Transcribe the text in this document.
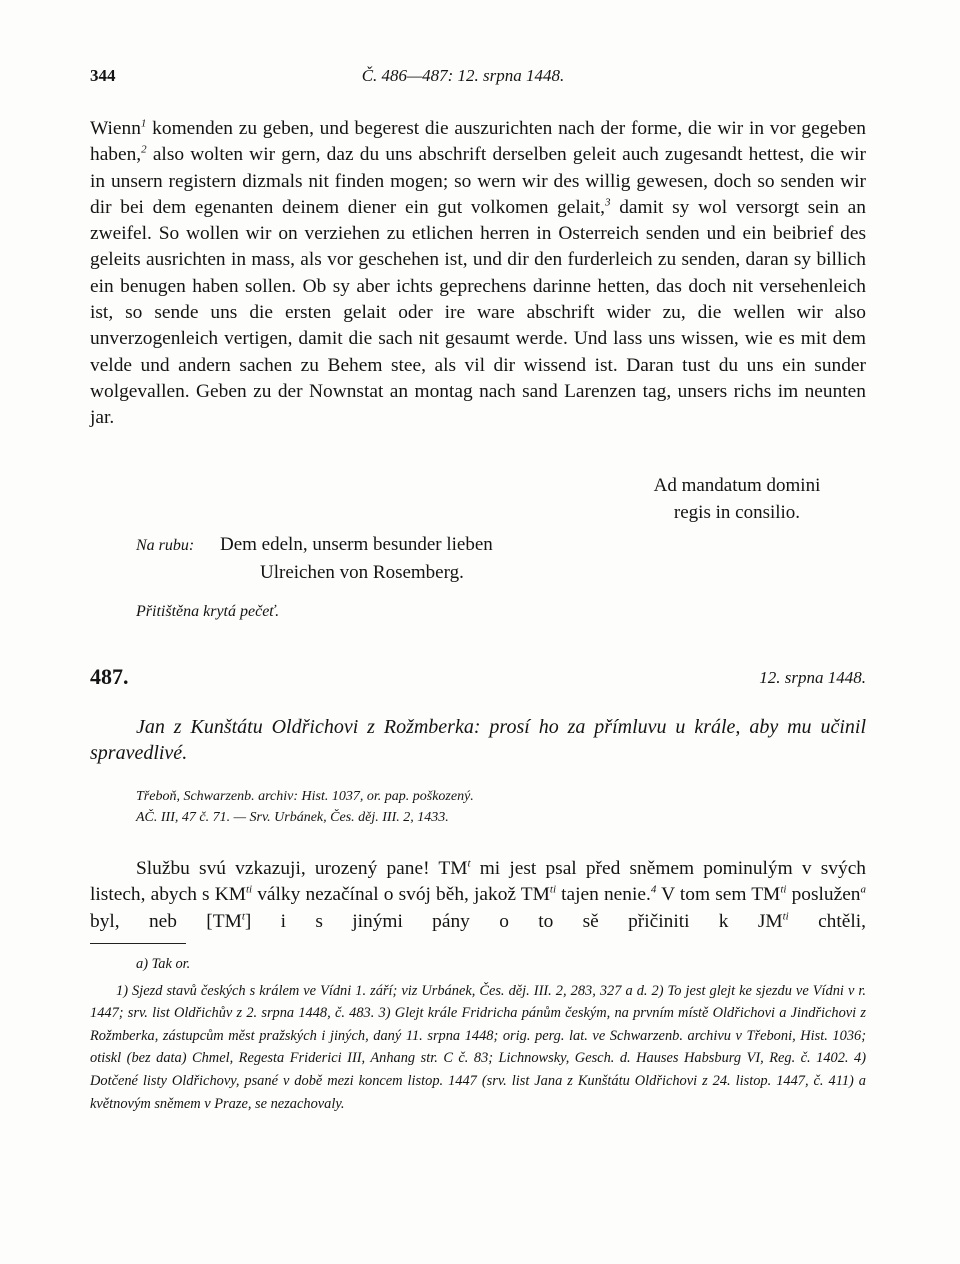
344	Č. 486—487: 12. srpna 1448.

Wienn$^1$ komenden zu geben, und begerest die auszurichten nach der forme, die wir in vor gegeben haben,$^2$ also wolten wir gern, daz du uns abschrift derselben geleit auch zugesandt hettest, die wir in unsern registern dizmals nit finden mogen; so wern wir des willig gewesen, doch so senden wir dir bei dem egenanten deinem diener ein gut volkomen gelait,$^3$ damit sy wol versorgt sein an zweifel. So wollen wir on verziehen zu etlichen herren in Osterreich senden und ein beibrief des geleits ausrichten in mass, als vor geschehen ist, und dir den furderleich zu senden, daran sy billich ein benugen haben sollen. Ob sy aber ichts geprechens darinne hetten, das doch nit versehenleich ist, so sende uns die ersten gelait oder ire ware abschrift wider zu, die wellen wir also unverzogenleich vertigen, damit die sach nit gesaumt werde. Und lass uns wissen, wie es mit dem velde und andern sachen zu Behem stee, als vil dir wissend ist. Daran tust du uns ein sunder wolgevallen. Geben zu der Nownstat an montag nach sand Larenzen tag, unsers richs im neunten jar.

Ad mandatum domini
regis in consilio.
Na rubu: Dem edeln, unserm besunder lieben
Ulreichen von Rosemberg.
Přitištěna krytá pečeť.
487.	12. srpna 1448.
Jan z Kunštátu Oldřichovi z Rožmberka: prosí ho za přímluvu u krále, aby mu učinil spravedlivé.
Třeboň, Schwarzenb. archiv: Hist. 1037, or. pap. poškozený.
AČ. III, 47 č. 71. — Srv. Urbánek, Čes. děj. III. 2, 1433.

Službu svú vzkazuji, urozený pane! $TM^t$ mi jest psal před sněmem pominulým v svých listech, abych s $KM^{ti}$ války nezačínal o svój běh, jakož $TM^{ti}$ tajen nenie.$^4$ V tom sem $TM^{ti}$ poslužen$^a$ byl, neb $[TM^t]$ i s jinými pány o to sě přičiniti k $JM^{ti}$ chtěli,

a) Tak or.
1) Sjezd stavů českých s králem ve Vídni 1. září; viz Urbánek, Čes. děj. III. 2, 283, 327 a d. 2) To jest glejt ke sjezdu ve Vídni v r. 1447; srv. list Oldřichův z 2. srpna 1448, č. 483. 3) Glejt krále Fridricha pánům českým, na prvním místě Oldřichovi a Jindřichovi z Rožmberka, zástupcům měst pražských i jiných, daný 11. srpna 1448; orig. perg. lat. ve Schwarzenb. archivu v Třeboni, Hist. 1036; otiskl (bez data) Chmel, Regesta Friderici III, Anhang str. C č. 83; Lichnowsky, Gesch. d. Hauses Habsburg VI, Reg. č. 1402. 4) Dotčené listy Oldřichovy, psané v době mezi koncem listop. 1447 (srv. list Jana z Kunštátu Oldřichovi z 24. listop. 1447, č. 411) a květnovým sněmem v Praze, se nezachovaly.
